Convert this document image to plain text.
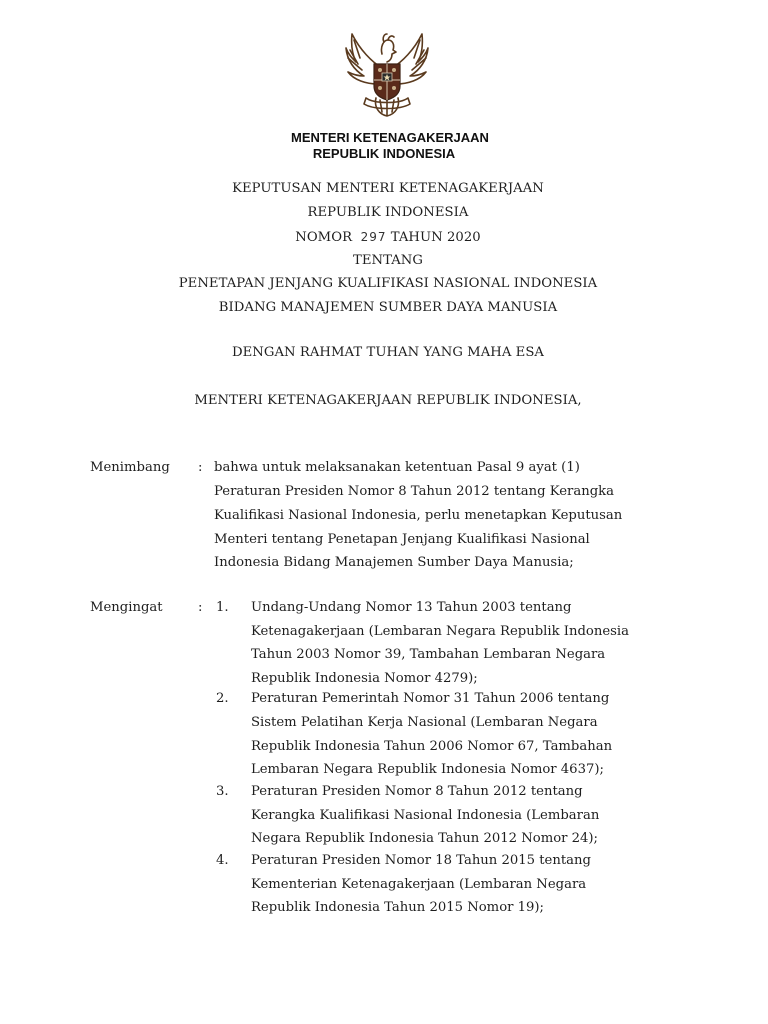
MENTERI KETENAGAKERJAAN
REPUBLIK INDONESIA
KEPUTUSAN MENTERI KETENAGAKERJAAN
REPUBLIK INDONESIA
NOMOR 297 TAHUN 2020
TENTANG
PENETAPAN JENJANG KUALIFIKASI NASIONAL INDONESIA
BIDANG MANAJEMEN SUMBER DAYA MANUSIA
DENGAN RAHMAT TUHAN YANG MAHA ESA
MENTERI KETENAGAKERJAAN REPUBLIK INDONESIA,
Menimbang : bahwa untuk melaksanakan ketentuan Pasal 9 ayat (1)
Peraturan Presiden Nomor 8 Tahun 2012 tentang Kerangka
Kualifikasi Nasional Indonesia, perlu menetapkan Keputusan
Menteri tentang Penetapan Jenjang Kualifikasi Nasional
Indonesia Bidang Manajemen Sumber Daya Manusia;
Mengingat	: 1. Undang-Undang Nomor 13 Tahun 2003 tentang
Ketenagakerjaan (Lembaran Negara Republik Indonesia
Tahun 2003 Nomor 39, Tambahan Lembaran Negara
Republik Indonesia Nomor 4279);
2. Peraturan Pemerintah Nomor 31 Tahun 2006 tentang
Sistem Pelatihan Kerja Nasional (Lembaran Negara
Republik Indonesia Tahun 2006 Nomor 67, Tambahan
Lembaran Negara Republik Indonesia Nomor 4637);
3. Peraturan Presiden Nomor 8 Tahun 2012 tentang
Kerangka Kualifikasi Nasional Indonesia (Lembaran
Negara Republik Indonesia Tahun 2012 Nomor 24);
4. Peraturan Presiden Nomor 18 Tahun 2015 tentang
Kementerian Ketenagakerjaan (Lembaran Negara
Republik Indonesia Tahun 2015 Nomor 19);
